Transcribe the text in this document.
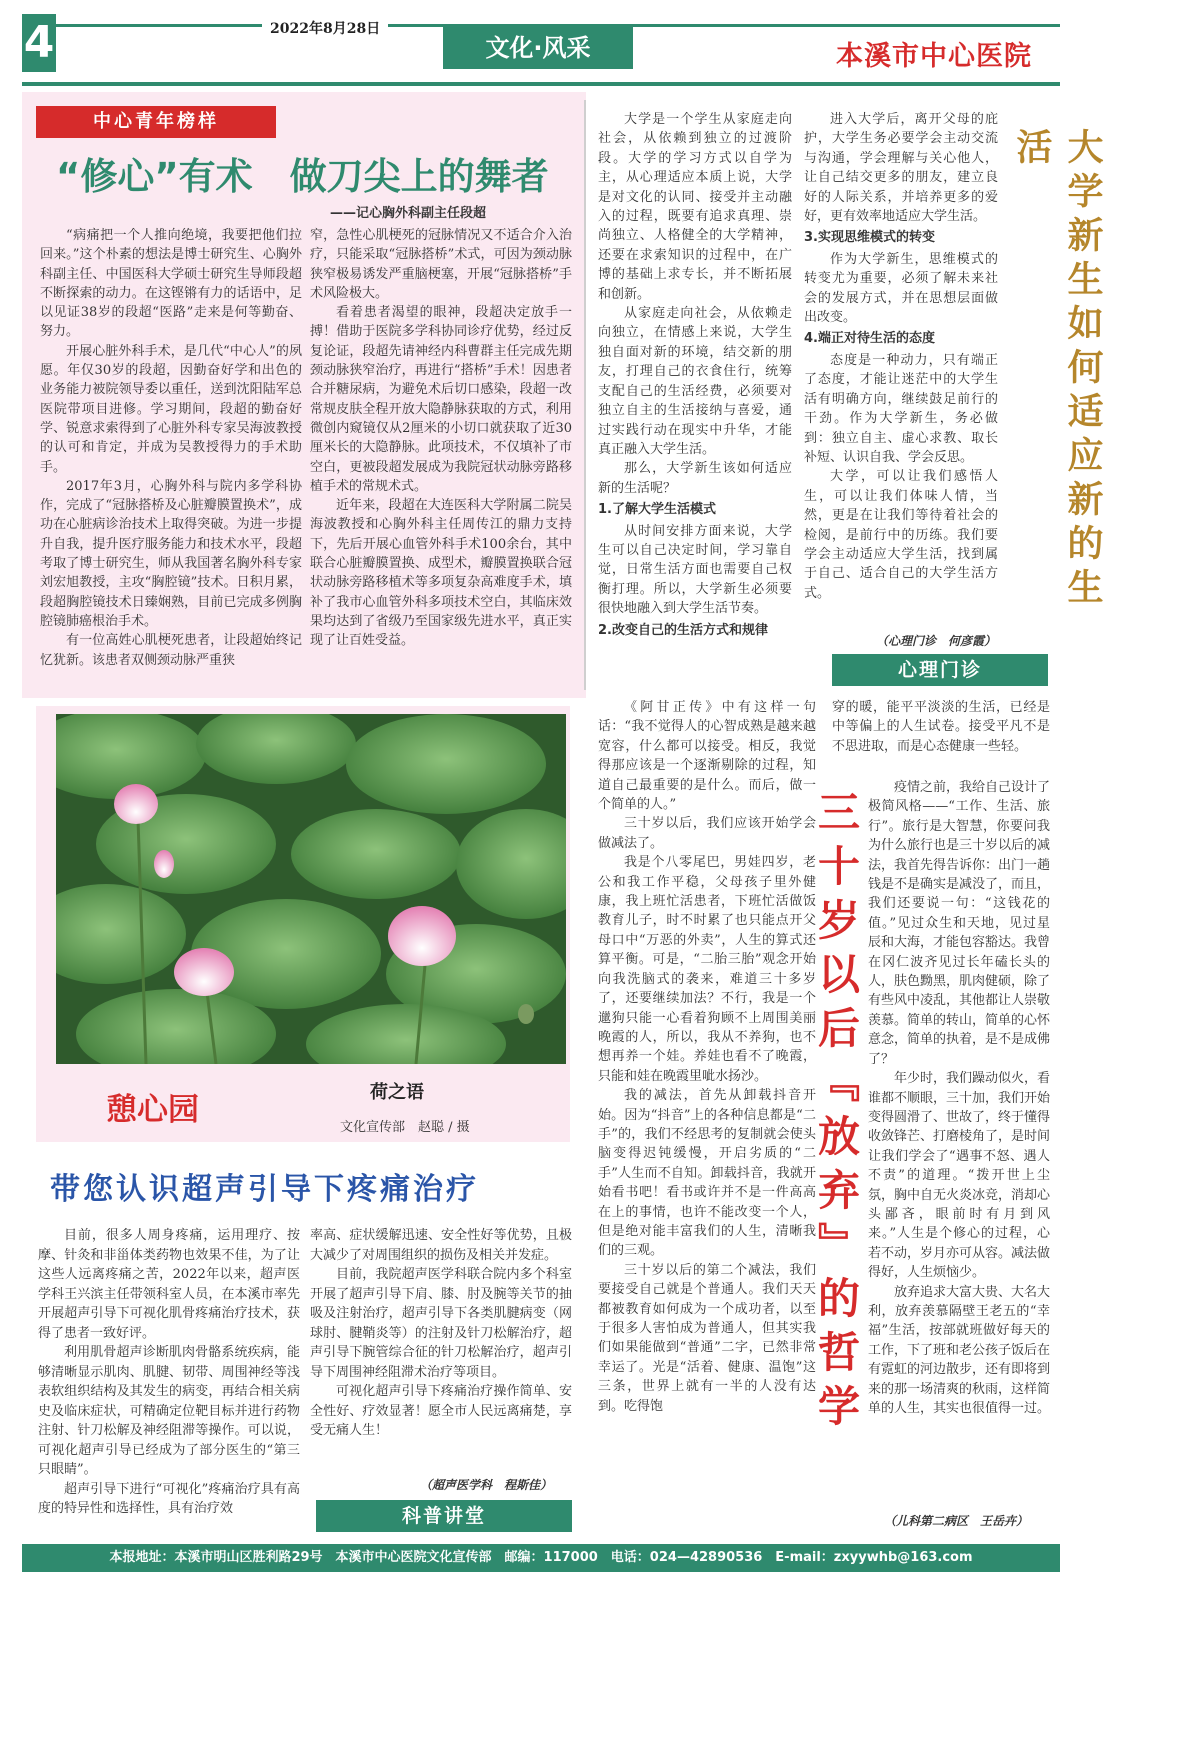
4	2022年8月28日
文化·风采	本溪市中心医院
中心青年榜样
“修心”有术　做刀尖上的舞者
——记心胸外科副主任段超

“病痛把一个人推向绝境，我要把他们拉回来。”这个朴素的想法是博士研究生、心胸外科副主任、中国医科大学硕士研究生导师段超不断探索的动力。在这铿锵有力的话语中，足以见证38岁的段超“医路”走来是何等勤奋、努力。

开展心脏外科手术，是几代“中心人”的夙愿。年仅30岁的段超，因勤奋好学和出色的业务能力被院领导委以重任，送到沈阳陆军总医院带项目进修。学习期间，段超的勤奋好学、锐意求索得到了心脏外科专家吴海波教授的认可和肯定，并成为吴教授得力的手术助手。

2017年3月，心胸外科与院内多学科协作，完成了“冠脉搭桥及心脏瓣膜置换术”，成功在心脏病诊治技术上取得突破。为进一步提升自我，提升医疗服务能力和技术水平，段超考取了博士研究生，师从我国著名胸外科专家刘宏旭教授，主攻“胸腔镜”技术。日积月累，段超胸腔镜技术日臻娴熟，目前已完成多例胸腔镜肺癌根治手术。

有一位高姓心肌梗死患者，让段超始终记忆犹新。该患者双侧颈动脉严重狭

窄，急性心肌梗死的冠脉情况又不适合介入治疗，只能采取“冠脉搭桥”术式，可因为颈动脉狭窄极易诱发严重脑梗塞，开展“冠脉搭桥”手术风险极大。

看着患者渴望的眼神，段超决定放手一搏！借助于医院多学科协同诊疗优势，经过反复论证，段超先请神经内科曹群主任完成先期颈动脉狭窄治疗，再进行“搭桥”手术！因患者合并糖尿病，为避免术后切口感染，段超一改常规皮肤全程开放大隐静脉获取的方式，利用微创内窥镜仅从2厘米的小切口就获取了近30厘米长的大隐静脉。此项技术，不仅填补了市空白，更被段超发展成为我院冠状动脉旁路移植手术的常规术式。

近年来，段超在大连医科大学附属二院吴海波教授和心胸外科主任周传江的鼎力支持下，先后开展心血管外科手术100余台，其中联合心脏瓣膜置换、成型术，瓣膜置换联合冠状动脉旁路移植术等多项复杂高难度手术，填补了我市心血管外科多项技术空白，其临床效果均达到了省级乃至国家级先进水平，真正实现了让百姓受益。

憩心园	荷之语
文化宣传部　赵聪 / 摄
带您认识超声引导下疼痛治疗

目前，很多人周身疼痛，运用理疗、按摩、针灸和非甾体类药物也效果不佳，为了让这些人远离疼痛之苦，2022年以来，超声医学科王兴滨主任带领科室人员，在本溪市率先开展超声引导下可视化肌骨疼痛治疗技术，获得了患者一致好评。

利用肌骨超声诊断肌肉骨骼系统疾病，能够清晰显示肌肉、肌腱、韧带、周围神经等浅表软组织结构及其发生的病变，再结合相关病史及临床症状，可精确定位靶目标并进行药物注射、针刀松解及神经阻滞等操作。可以说，可视化超声引导已经成为了部分医生的“第三只眼睛”。

超声引导下进行“可视化”疼痛治疗具有高度的特异性和选择性，具有治疗效

率高、症状缓解迅速、安全性好等优势，且极大减少了对周围组织的损伤及相关并发症。

目前，我院超声医学科联合院内多个科室开展了超声引导下肩、膝、肘及腕等关节的抽吸及注射治疗，超声引导下各类肌腱病变（网球肘、腱鞘炎等）的注射及针刀松解治疗，超声引导下腕管综合征的针刀松解治疗，超声引导下周围神经阻滞术治疗等项目。

可视化超声引导下疼痛治疗操作简单、安全性好、疗效显著！愿全市人民远离痛楚，享受无痛人生！

（超声医学科　程斯佳）
科普讲堂

大学是一个学生从家庭走向社会，从依赖到独立的过渡阶段。大学的学习方式以自学为主，从心理适应本质上说，大学是对文化的认同、接受并主动融入的过程，既要有追求真理、崇尚独立、人格健全的大学精神，还要在求索知识的过程中，在广博的基础上求专长，并不断拓展和创新。

从家庭走向社会，从依赖走向独立，在情感上来说，大学生独自面对新的环境，结交新的朋友，打理自己的衣食住行，统筹支配自己的生活经费，必须要对独立自主的生活接纳与喜爱，通过实践行动在现实中升华，才能真正融入大学生活。

那么，大学新生该如何适应新的生活呢？

1.了解大学生活模式

从时间安排方面来说，大学生可以自己决定时间，学习靠自觉，日常生活方面也需要自己权衡打理。所以，大学新生必须要很快地融入到大学生活节奏。

2.改变自己的生活方式和规律

进入大学后，离开父母的庇护，大学生务必要学会主动交流与沟通，学会理解与关心他人，让自己结交更多的朋友，建立良好的人际关系，并培养更多的爱好，更有效率地适应大学生活。

3.实现思维模式的转变

作为大学新生，思维模式的转变尤为重要，必须了解未来社会的发展方式，并在思想层面做出改变。

4.端正对待生活的态度

态度是一种动力，只有端正了态度，才能让迷茫中的大学生活有明确方向，继续鼓足前行的干劲。作为大学新生，务必做到：独立自主、虚心求教、取长补短、认识自我、学会反思。

大学，可以让我们感悟人生，可以让我们体味人情，当然，更是在让我们等待着社会的检阅，是前行中的历练。我们要学会主动适应大学生活，找到属于自己、适合自己的大学生活方式。	大学新生如何适应新的生活
（心理门诊　何彦霞）
心理门诊

《阿甘正传》中有这样一句话：“我不觉得人的心智成熟是越来越宽容，什么都可以接受。相反，我觉得那应该是一个逐渐剔除的过程，知道自己最重要的是什么。而后，做一个简单的人。”

三十岁以后，我们应该开始学会做减法了。

我是个八零尾巴，男娃四岁，老公和我工作平稳，父母孩子里外健康，我上班忙活患者，下班忙活做饭教育儿子，时不时累了也只能点开父母口中“万恶的外卖”，人生的算式还算平衡。可是，“二胎三胎”观念开始向我洗脑式的袭来，难道三十多岁了，还要继续加法？不行，我是一个邋狗只能一心看着狗顾不上周围美丽晚霞的人，所以，我从不养狗，也不想再养一个娃。养娃也看不了晚霞，只能和娃在晚霞里呲水扬沙。

我的减法，首先从卸载抖音开始。因为“抖音”上的各种信息都是“二手”的，我们不经思考的复制就会使头脑变得迟钝缓慢，开启劣质的“二手”人生而不自知。卸载抖音，我就开始看书吧！看书或许并不是一件高高在上的事情，也许不能改变一个人，但是绝对能丰富我们的人生，清晰我们的三观。

三十岁以后的第二个减法，我们要接受自己就是个普通人。我们天天都被教育如何成为一个成功者，以至于很多人害怕成为普通人，但其实我们如果能做到“普通”二字，已然非常幸运了。光是“活着、健康、温饱”这三条，世界上就有一半的人没有达到。吃得饱

穿的暖，能平平淡淡的生活，已经是中等偏上的人生试卷。接受平凡不是不思进取，而是心态健康一些轻。

三十岁以后『放弃』的哲学

疫情之前，我给自己设计了极简风格——“工作、生活、旅行”。旅行是大智慧，你要问我为什么旅行也是三十岁以后的减法，我首先得告诉你：出门一趟钱是不是确实是减没了，而且，我们还要说一句：“这钱花的值。”见过众生和天地，见过星辰和大海，才能包容豁达。我曾在冈仁波齐见过长年磕长头的人，肤色黝黑，肌肉健硕，除了有些风中凌乱，其他都让人崇敬羡慕。简单的转山，简单的心怀意念，简单的执着，是不是成佛了？

年少时，我们躁动似火，看谁都不顺眼，三十加，我们开始变得圆滑了、世故了，终于懂得收敛锋芒、打磨棱角了，是时间让我们学会了“遇事不怒、遇人不责”的道理。“拨开世上尘氛，胸中自无火炎冰竞，消却心头鄙吝，眼前时有月到风来。”人生是个修心的过程，心若不动，岁月亦可从容。减法做得好，人生烦恼少。

放弃追求大富大贵、大名大利，放弃羡慕隔壁王老五的“幸福”生活，按部就班做好每天的工作，下了班和老公孩子饭后在有霓虹的河边散步，还有即将到来的那一场清爽的秋雨，这样简单的人生，其实也很值得一过。

（儿科第二病区　王岳卉）
本报地址：本溪市明山区胜利路29号　本溪市中心医院文化宣传部　邮编：117000　电话：024—42890536　E-mail：zxyywhb@163.com
